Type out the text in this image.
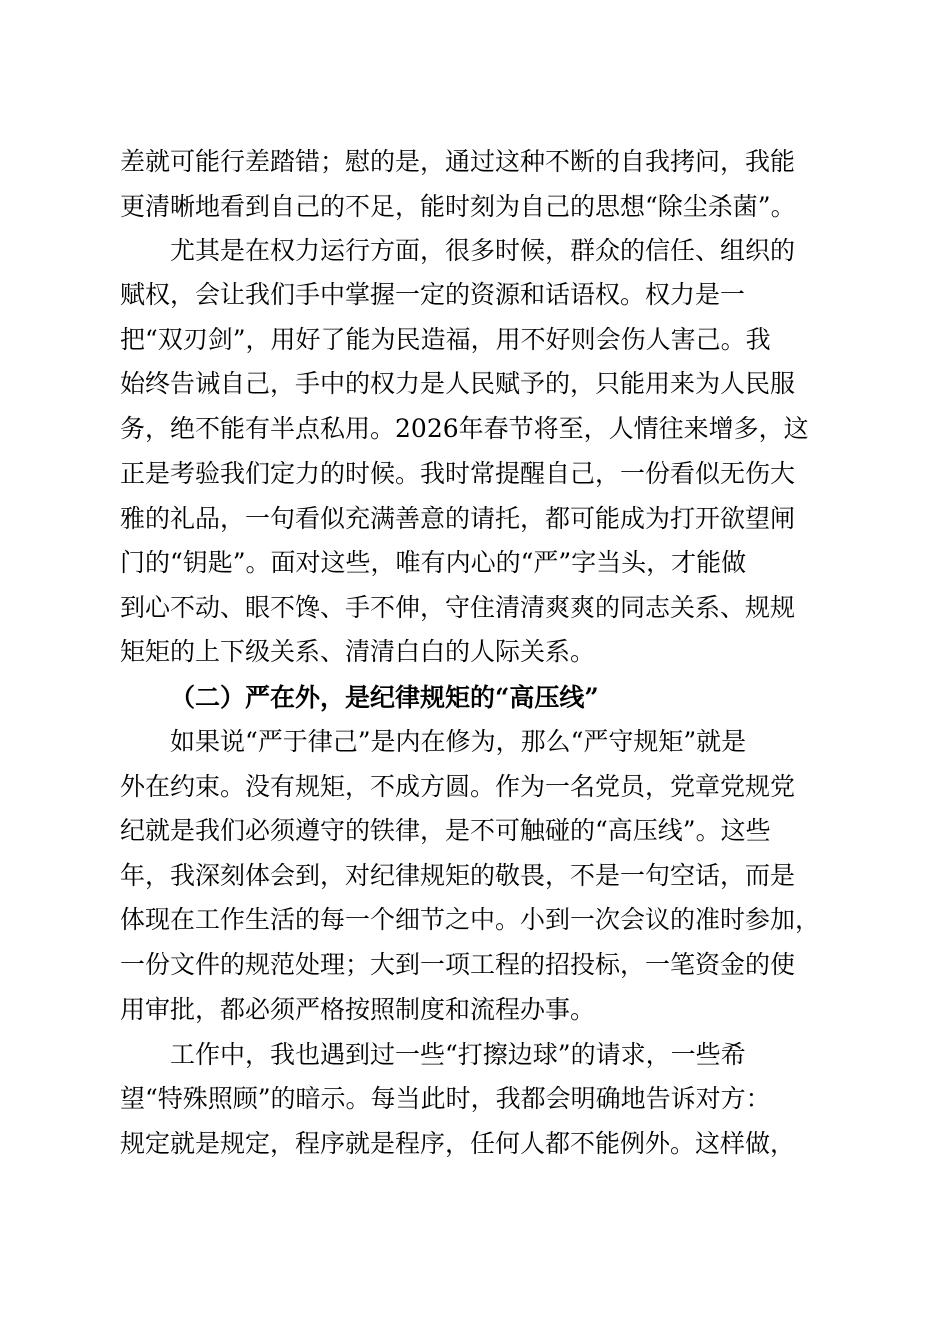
差就可能行差踏错；慰的是，通过这种不断的自我拷问，我能
更清晰地看到自己的不足，能时刻为自己的思想“除尘杀菌”。
尤其是在权力运行方面，很多时候，群众的信任、组织的
赋权，会让我们手中掌握一定的资源和话语权。权力是一
把“双刃剑”，用好了能为民造福，用不好则会伤人害己。我
始终告诫自己，手中的权力是人民赋予的，只能用来为人民服
务，绝不能有半点私用。2026年春节将至，人情往来增多，这
正是考验我们定力的时候。我时常提醒自己，一份看似无伤大
雅的礼品，一句看似充满善意的请托，都可能成为打开欲望闸
门的“钥匙”。面对这些，唯有内心的“严”字当头，才能做
到心不动、眼不馋、手不伸，守住清清爽爽的同志关系、规规
矩矩的上下级关系、清清白白的人际关系。
（二）严在外，是纪律规矩的“高压线”
如果说“严于律己”是内在修为，那么“严守规矩”就是
外在约束。没有规矩，不成方圆。作为一名党员，党章党规党
纪就是我们必须遵守的铁律，是不可触碰的“高压线”。这些
年，我深刻体会到，对纪律规矩的敬畏，不是一句空话，而是
体现在工作生活的每一个细节之中。小到一次会议的准时参加，
一份文件的规范处理；大到一项工程的招投标，一笔资金的使
用审批，都必须严格按照制度和流程办事。
工作中，我也遇到过一些“打擦边球”的请求，一些希
望“特殊照顾”的暗示。每当此时，我都会明确地告诉对方：
规定就是规定，程序就是程序，任何人都不能例外。这样做，
